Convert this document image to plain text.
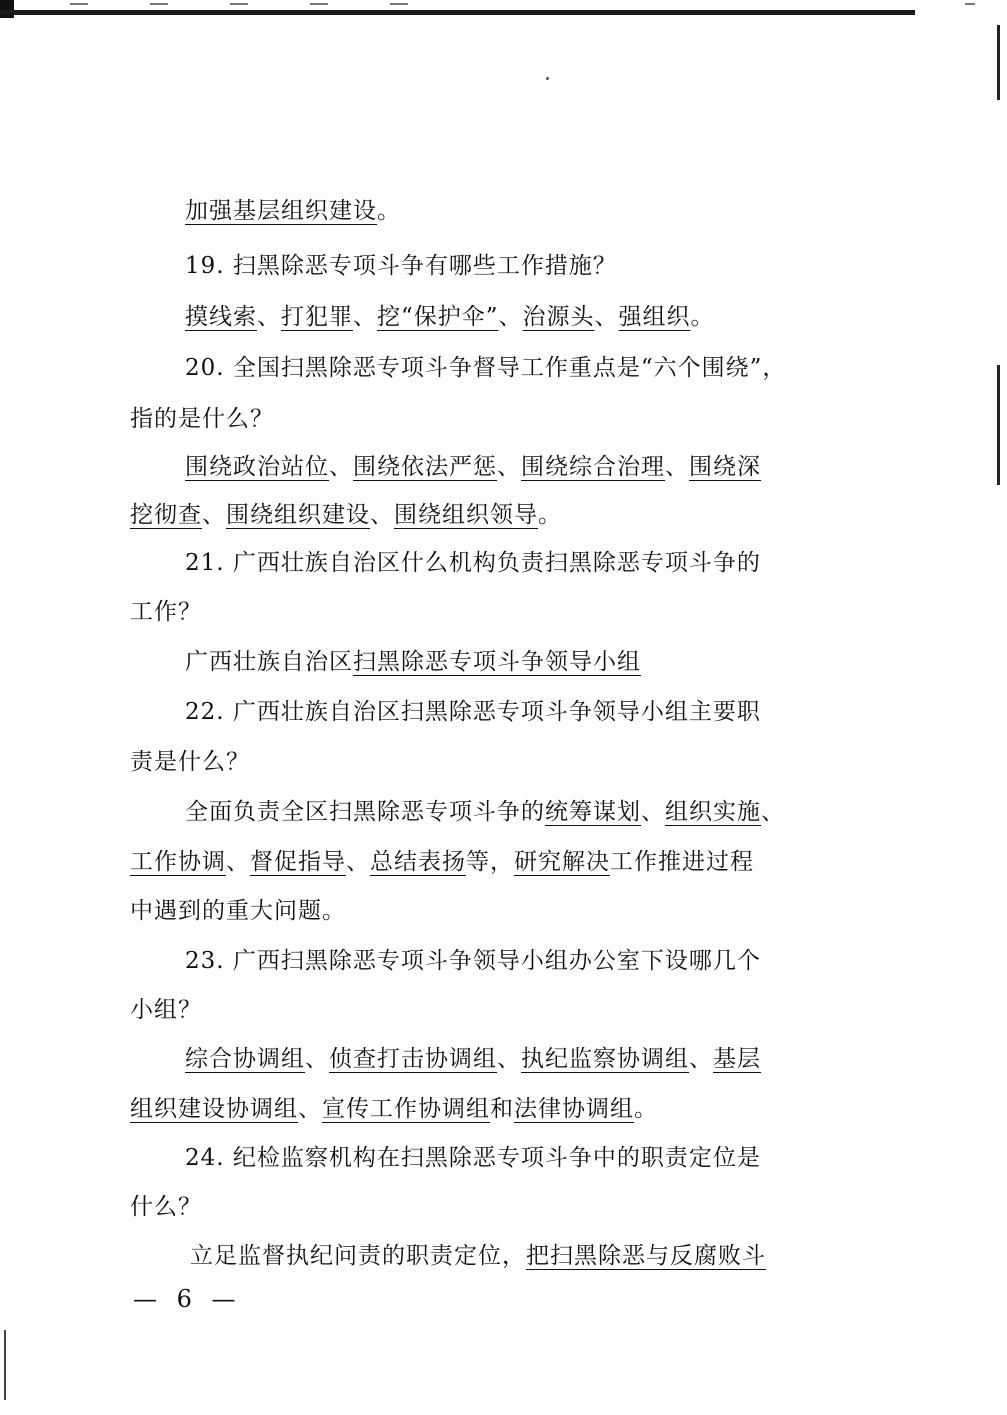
加强基层组织建设。
19. 扫黑除恶专项斗争有哪些工作措施？
摸线索、打犯罪、挖“保护伞”、治源头、强组织。
20. 全国扫黑除恶专项斗争督导工作重点是“六个围绕”，
指的是什么？
围绕政治站位、围绕依法严惩、围绕综合治理、围绕深
挖彻查、围绕组织建设、围绕组织领导。
21. 广西壮族自治区什么机构负责扫黑除恶专项斗争的
工作？
广西壮族自治区扫黑除恶专项斗争领导小组
22. 广西壮族自治区扫黑除恶专项斗争领导小组主要职
责是什么？
全面负责全区扫黑除恶专项斗争的统筹谋划、组织实施、
工作协调、督促指导、总结表扬等，研究解决工作推进过程
中遇到的重大问题。
23. 广西扫黑除恶专项斗争领导小组办公室下设哪几个
小组？
综合协调组、侦查打击协调组、执纪监察协调组、基层
组织建设协调组、宣传工作协调组和法律协调组。
24. 纪检监察机构在扫黑除恶专项斗争中的职责定位是
什么？
立足监督执纪问责的职责定位，把扫黑除恶与反腐败斗
— 6 —
